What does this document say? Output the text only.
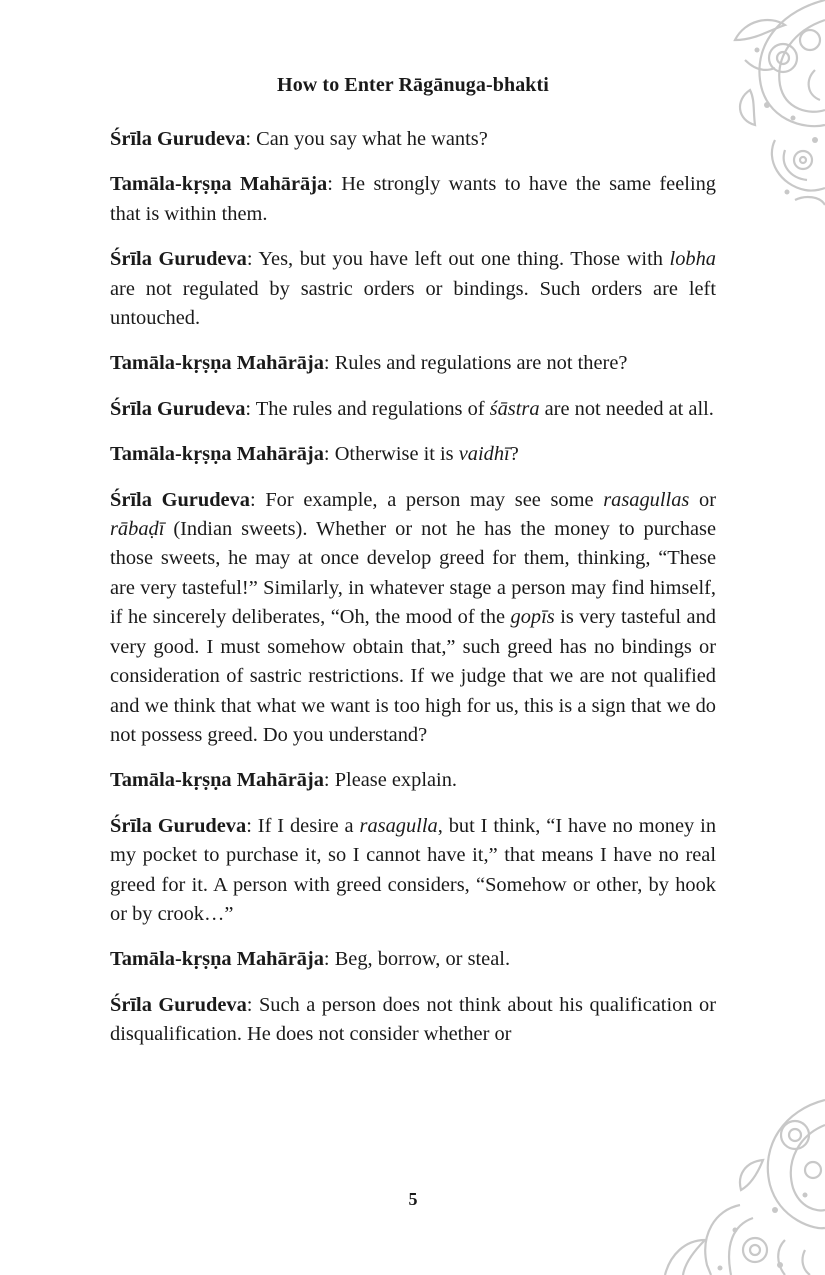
How to Enter Rāgānuga-bhakti

Śrīla Gurudeva: Can you say what he wants?

Tamāla-kṛṣṇa Mahārāja: He strongly wants to have the same feeling that is within them.

Śrīla Gurudeva: Yes, but you have left out one thing. Those with lobha are not regulated by sastric orders or bindings. Such orders are left untouched.

Tamāla-kṛṣṇa Mahārāja: Rules and regulations are not there?

Śrīla Gurudeva: The rules and regulations of śāstra are not needed at all.

Tamāla-kṛṣṇa Mahārāja: Otherwise it is vaidhī?

Śrīla Gurudeva: For example, a person may see some rasagullas or rābaḍī (Indian sweets). Whether or not he has the money to purchase those sweets, he may at once develop greed for them, thinking, “These are very tasteful!” Similarly, in whatever stage a person may find himself, if he sincerely deliberates, “Oh, the mood of the gopīs is very tasteful and very good. I must somehow obtain that,” such greed has no bindings or consideration of sastric restrictions. If we judge that we are not qualified and we think that what we want is too high for us, this is a sign that we do not possess greed. Do you understand?

Tamāla-kṛṣṇa Mahārāja: Please explain.

Śrīla Gurudeva: If I desire a rasagulla, but I think, “I have no money in my pocket to purchase it, so I cannot have it,” that means I have no real greed for it. A person with greed considers, “Somehow or other, by hook or by crook…”

Tamāla-kṛṣṇa Mahārāja: Beg, borrow, or steal.

Śrīla Gurudeva: Such a person does not think about his qualification or disqualification. He does not consider whether or

5
